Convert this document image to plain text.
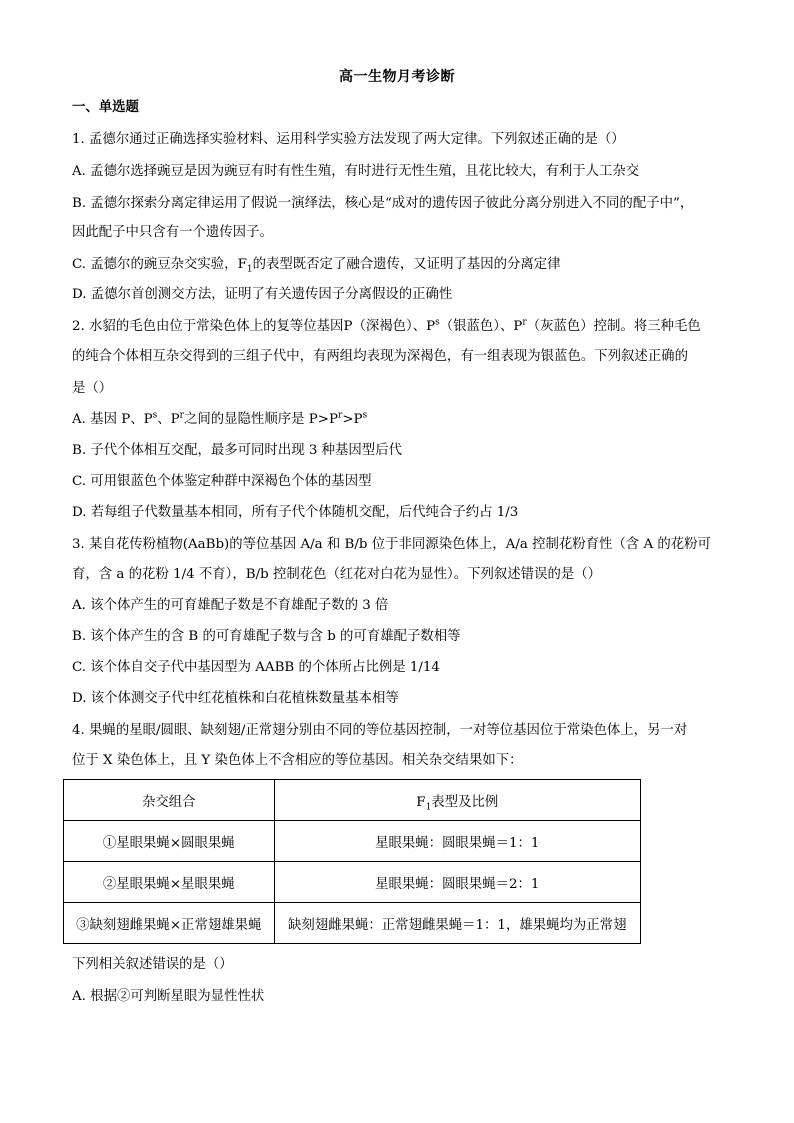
高一生物月考诊断
一、单选题
1. 孟德尔通过正确选择实验材料、运用科学实验方法发现了两大定律。下列叙述正确的是（）
A. 孟德尔选择豌豆是因为豌豆有时有性生殖，有时进行无性生殖，且花比较大，有利于人工杂交
B. 孟德尔探索分离定律运用了假说一演绎法，核心是“成对的遗传因子彼此分离分别进入不同的配子中”，
因此配子中只含有一个遗传因子。
C. 孟德尔的豌豆杂交实验，$F_1$的表型既否定了融合遗传，又证明了基因的分离定律
D. 孟德尔首创测交方法，证明了有关遗传因子分离假设的正确性
2. 水貂的毛色由位于常染色体上的复等位基因P（深褐色）、$P^s$（银蓝色）、$P^r$（灰蓝色）控制。将三种毛色
的纯合个体相互杂交得到的三组子代中，有两组均表现为深褐色，有一组表现为银蓝色。下列叙述正确的
是（）
A. 基因 P、$P^s$、$P^r$之间的显隐性顺序是 $P>P^r>P^s$
B. 子代个体相互交配，最多可同时出现 3 种基因型后代
C. 可用银蓝色个体鉴定种群中深褐色个体的基因型
D. 若每组子代数量基本相同，所有子代个体随机交配，后代纯合子约占 1/3
3. 某自花传粉植物(AaBb)的等位基因 A/a 和 B/b 位于非同源染色体上，A/a 控制花粉育性（含 A 的花粉可
育，含 a 的花粉 1/4 不育），B/b 控制花色（红花对白花为显性）。下列叙述错误的是（）
A. 该个体产生的可育雄配子数是不育雄配子数的 3 倍
B. 该个体产生的含 B 的可育雄配子数与含 b 的可育雄配子数相等
C. 该个体自交子代中基因型为 AABB 的个体所占比例是 1/14
D. 该个体测交子代中红花植株和白花植株数量基本相等
4. 果蝇的星眼/圆眼、缺刻翅/正常翅分别由不同的等位基因控制，一对等位基因位于常染色体上，另一对
位于 X 染色体上，且 Y 染色体上不含相应的等位基因。相关杂交结果如下：
杂交组合	$F_1$表型及比例
①星眼果蝇×圆眼果蝇	星眼果蝇：圆眼果蝇＝1：1
②星眼果蝇×星眼果蝇	星眼果蝇：圆眼果蝇＝2：1
③缺刻翅雌果蝇×正常翅雄果蝇	缺刻翅雌果蝇：正常翅雌果蝇＝1：1，雄果蝇均为正常翅
下列相关叙述错误的是（）
A. 根据②可判断星眼为显性性状
